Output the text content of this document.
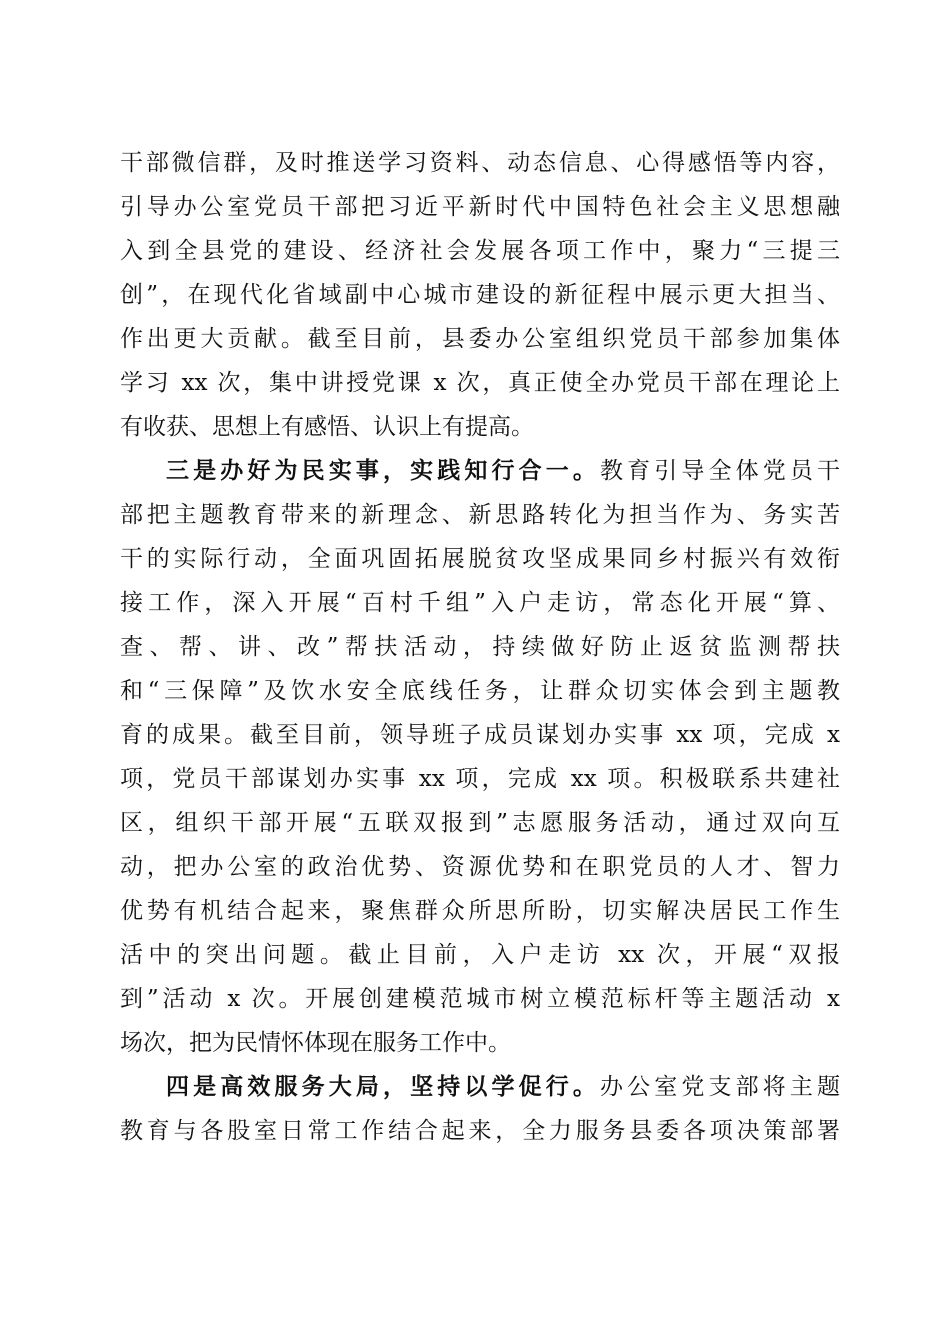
干部微信群，及时推送学习资料、动态信息、心得感悟等内容，
引导办公室党员干部把习近平新时代中国特色社会主义思想融
入到全县党的建设、经济社会发展各项工作中，聚力“三提三
创”，在现代化省域副中心城市建设的新征程中展示更大担当、
作出更大贡献。截至目前，县委办公室组织党员干部参加集体
学习 xx 次，集中讲授党课 x 次，真正使全办党员干部在理论上
有收获、思想上有感悟、认识上有提高。
三是办好为民实事，实践知行合一。教育引导全体党员干
部把主题教育带来的新理念、新思路转化为担当作为、务实苦
干的实际行动，全面巩固拓展脱贫攻坚成果同乡村振兴有效衔
接工作，深入开展“百村千组”入户走访，常态化开展“算、
查、帮、讲、改”帮扶活动，持续做好防止返贫监测帮扶
和“三保障”及饮水安全底线任务，让群众切实体会到主题教
育的成果。截至目前，领导班子成员谋划办实事 xx 项，完成 x
项，党员干部谋划办实事 xx 项，完成 xx 项。积极联系共建社
区，组织干部开展“五联双报到”志愿服务活动，通过双向互
动，把办公室的政治优势、资源优势和在职党员的人才、智力
优势有机结合起来，聚焦群众所思所盼，切实解决居民工作生
活中的突出问题。截止目前，入户走访 xx 次，开展“双报
到”活动 x 次。开展创建模范城市树立模范标杆等主题活动 x
场次，把为民情怀体现在服务工作中。
四是高效服务大局，坚持以学促行。办公室党支部将主题
教育与各股室日常工作结合起来，全力服务县委各项决策部署
